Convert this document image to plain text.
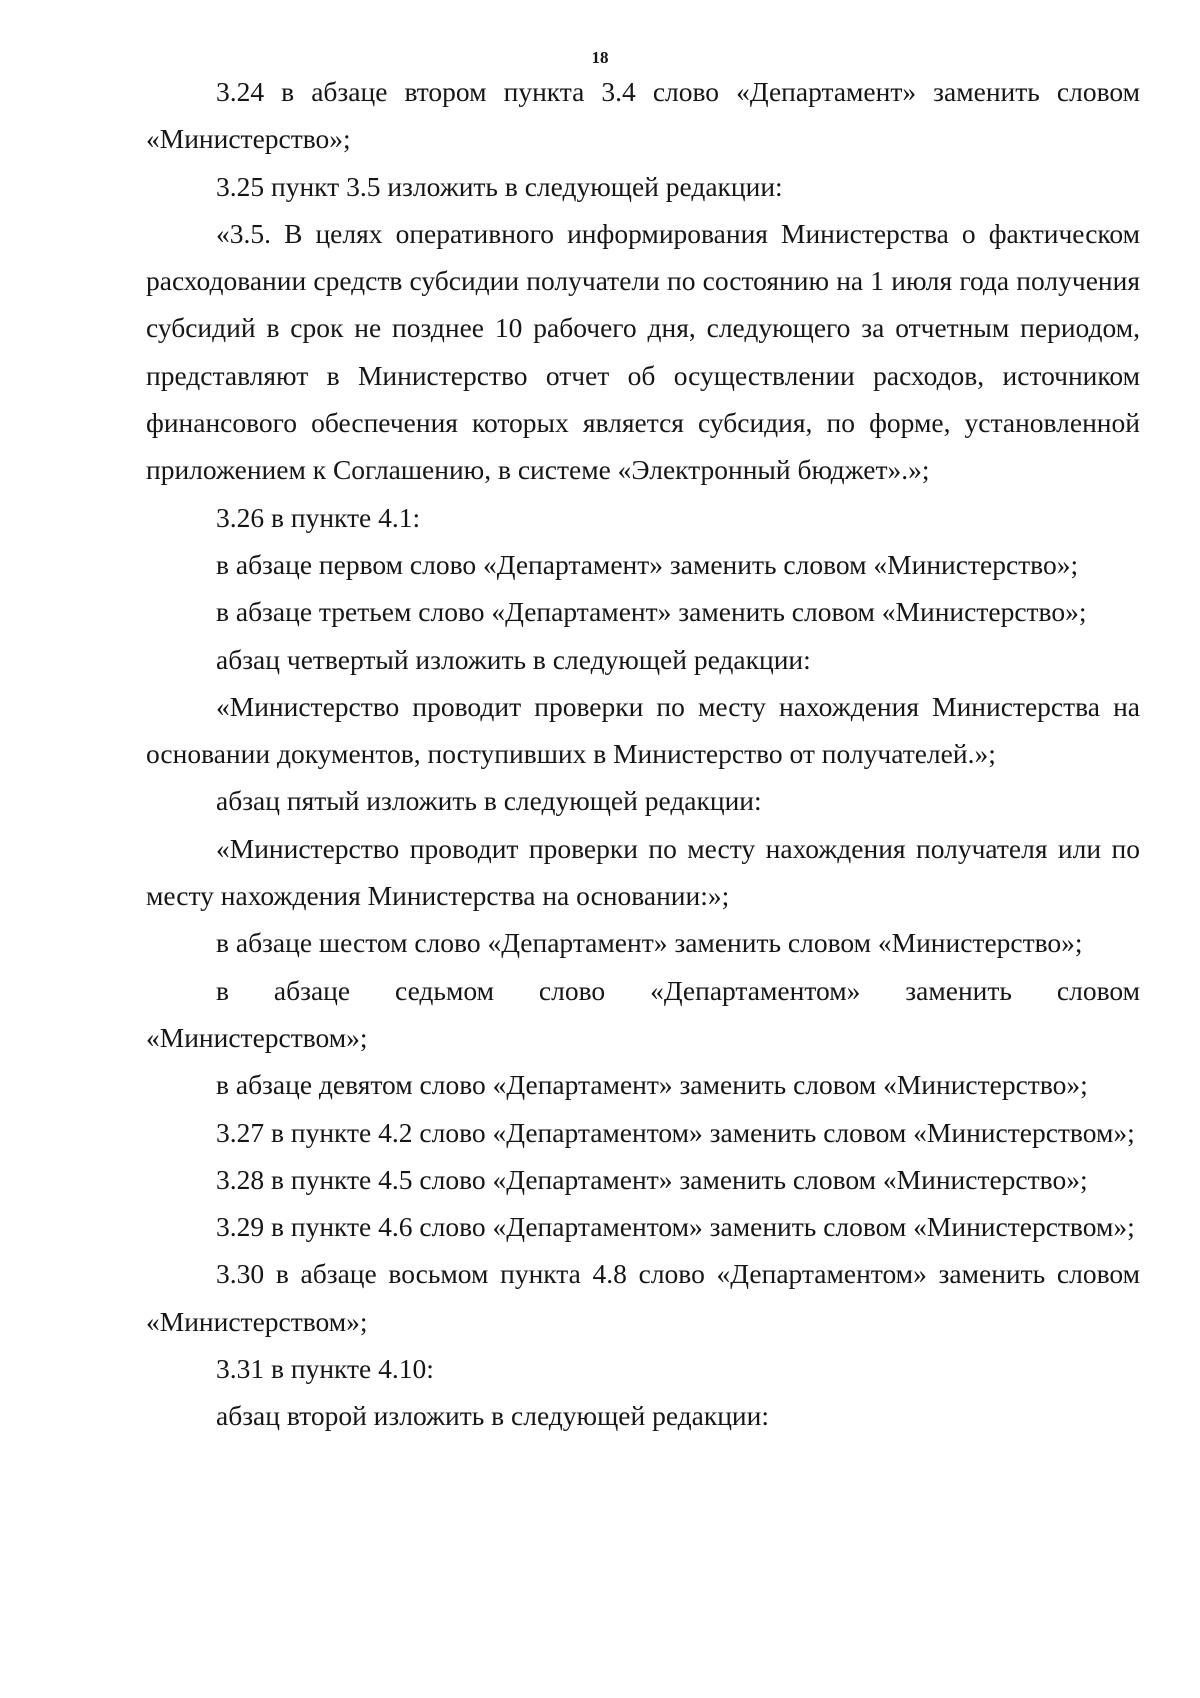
18

3.24 в абзаце втором пункта 3.4 слово «Департамент» заменить словом «Министерство»;

3.25 пункт 3.5 изложить в следующей редакции:

«3.5. В целях оперативного информирования Министерства о фактическом расходовании средств субсидии получатели по состоянию на 1 июля года получения субсидий в срок не позднее 10 рабочего дня, следующего за отчетным периодом, представляют в Министерство отчет об осуществлении расходов, источником финансового обеспечения которых является субсидия, по форме, установленной приложением к Соглашению, в системе «Электронный бюджет».»;

3.26 в пункте 4.1:

в абзаце первом слово «Департамент» заменить словом «Министерство»;

в абзаце третьем слово «Департамент» заменить словом «Министерство»;

абзац четвертый изложить в следующей редакции:

«Министерство проводит проверки по месту нахождения Министерства на основании документов, поступивших в Министерство от получателей.»;

абзац пятый изложить в следующей редакции:

«Министерство проводит проверки по месту нахождения получателя или по месту нахождения Министерства на основании:»;

в абзаце шестом слово «Департамент» заменить словом «Министерство»;

в абзаце седьмом слово «Департаментом» заменить словом «Министерством»;

в абзаце девятом слово «Департамент» заменить словом «Министерство»;

3.27 в пункте 4.2 слово «Департаментом» заменить словом «Министерством»;

3.28 в пункте 4.5 слово «Департамент» заменить словом «Министерство»;

3.29 в пункте 4.6 слово «Департаментом» заменить словом «Министерством»;

3.30 в абзаце восьмом пункта 4.8 слово «Департаментом» заменить словом «Министерством»;

3.31 в пункте 4.10:

абзац второй изложить в следующей редакции:
